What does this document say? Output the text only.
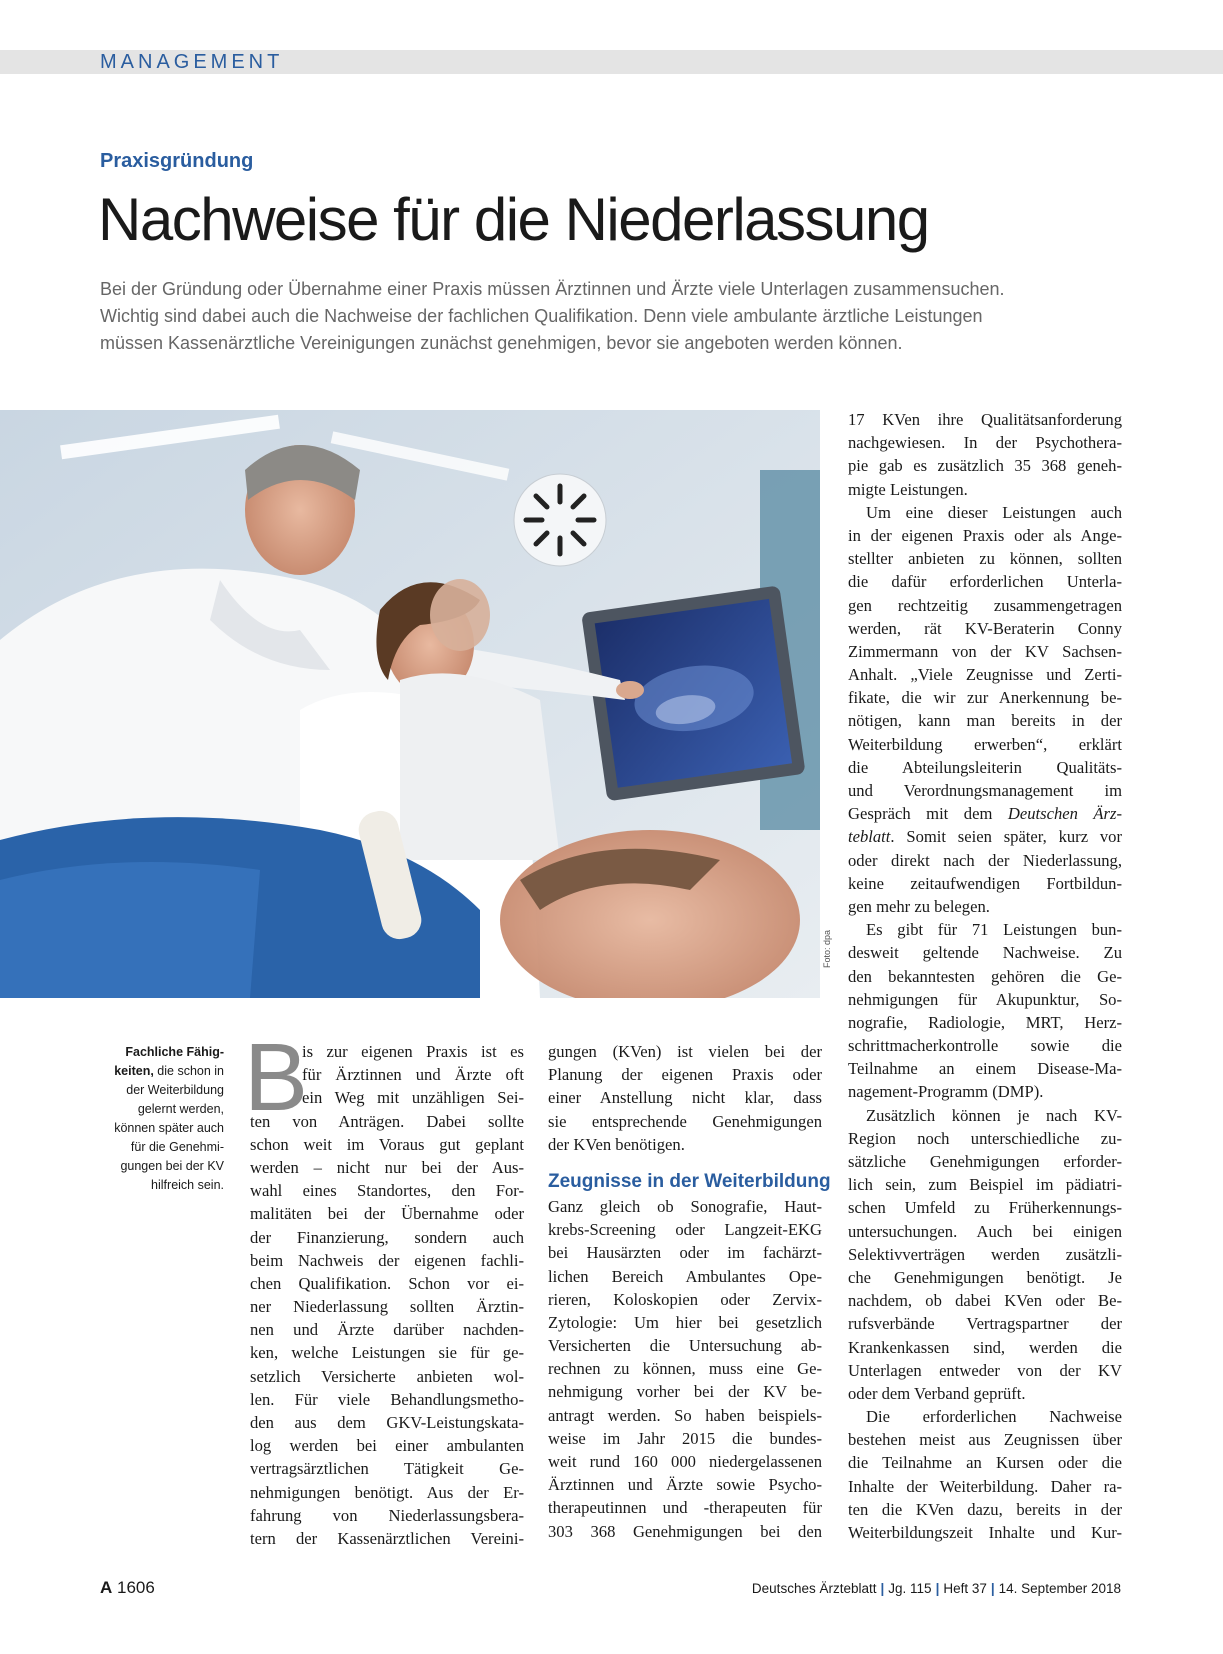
MANAGEMENT
Praxisgründung
Nachweise für die Niederlassung
Bei der Gründung oder Übernahme einer Praxis müssen Ärztinnen und Ärzte viele Unterlagen zusammensuchen.
Wichtig sind dabei auch die Nachweise der fachlichen Qualifikation. Denn viele ambulante ärztliche Leistungen
müssen Kassenärztliche Vereinigungen zunächst genehmigen, bevor sie angeboten werden können.
Foto: dpa
Fachliche Fähig-
keiten, die schon in
der Weiterbildung
gelernt werden,
können später auch
für die Genehmi-
gungen bei der KV
hilfreich sein.
B
is zur eigenen Praxis ist es
für Ärztinnen und Ärzte oft
ein Weg mit unzähligen Sei-
ten von Anträgen. Dabei sollte
schon weit im Voraus gut geplant
werden – nicht nur bei der Aus-
wahl eines Standortes, den For-
malitäten bei der Übernahme oder
der Finanzierung, sondern auch
beim Nachweis der eigenen fachli-
chen Qualifikation. Schon vor ei-
ner Niederlassung sollten Ärztin-
nen und Ärzte darüber nachden-
ken, welche Leistungen sie für ge-
setzlich Versicherte anbieten wol-
len. Für viele Behandlungsmetho-
den aus dem GKV-Leistungskata-
log werden bei einer ambulanten
vertragsärztlichen Tätigkeit Ge-
nehmigungen benötigt. Aus der Er-
fahrung von Niederlassungsbera-
tern der Kassenärztlichen Vereini-
gungen (KVen) ist vielen bei der
Planung der eigenen Praxis oder
einer Anstellung nicht klar, dass
sie entsprechende Genehmigungen
der KVen benötigen.
Zeugnisse in der Weiterbildung
Ganz gleich ob Sonografie, Haut-
krebs-Screening oder Langzeit-EKG
bei Hausärzten oder im fachärzt-
lichen Bereich Ambulantes Ope-
rieren, Koloskopien oder Zervix-
Zytologie: Um hier bei gesetzlich
Versicherten die Untersuchung ab-
rechnen zu können, muss eine Ge-
nehmigung vorher bei der KV be-
antragt werden. So haben beispiels-
weise im Jahr 2015 die bundes-
weit rund 160 000 niedergelassenen
Ärztinnen und Ärzte sowie Psycho-
therapeutinnen und -therapeuten für
303 368 Genehmigungen bei den
17 KVen ihre Qualitätsanforderung
nachgewiesen. In der Psychothera-
pie gab es zusätzlich 35 368 geneh-
migte Leistungen.
Um eine dieser Leistungen auch
in der eigenen Praxis oder als Ange-
stellter anbieten zu können, sollten
die dafür erforderlichen Unterla-
gen rechtzeitig zusammengetragen
werden, rät KV-Beraterin Conny
Zimmermann von der KV Sachsen-
Anhalt. „Viele Zeugnisse und Zerti-
fikate, die wir zur Anerkennung be-
nötigen, kann man bereits in der
Weiterbildung erwerben“, erklärt
die Abteilungsleiterin Qualitäts-
und Verordnungsmanagement im
Gespräch mit dem Deutschen Ärz-
teblatt. Somit seien später, kurz vor
oder direkt nach der Niederlassung,
keine zeitaufwendigen Fortbildun-
gen mehr zu belegen.
Es gibt für 71 Leistungen bun-
desweit geltende Nachweise. Zu
den bekanntesten gehören die Ge-
nehmigungen für Akupunktur, So-
nografie, Radiologie, MRT, Herz-
schrittmacherkontrolle sowie die
Teilnahme an einem Disease-Ma-
nagement-Programm (DMP).
Zusätzlich können je nach KV-
Region noch unterschiedliche zu-
sätzliche Genehmigungen erforder-
lich sein, zum Beispiel im pädiatri-
schen Umfeld zu Früherkennungs-
untersuchungen. Auch bei einigen
Selektivverträgen werden zusätzli-
che Genehmigungen benötigt. Je
nachdem, ob dabei KVen oder Be-
rufsverbände Vertragspartner der
Krankenkassen sind, werden die
Unterlagen entweder von der KV
oder dem Verband geprüft.
Die erforderlichen Nachweise
bestehen meist aus Zeugnissen über
die Teilnahme an Kursen oder die
Inhalte der Weiterbildung. Daher ra-
ten die KVen dazu, bereits in der
Weiterbildungszeit Inhalte und Kur-
A 1606	Deutsches Ärzteblatt | Jg. 115 | Heft 37 | 14. September 2018
